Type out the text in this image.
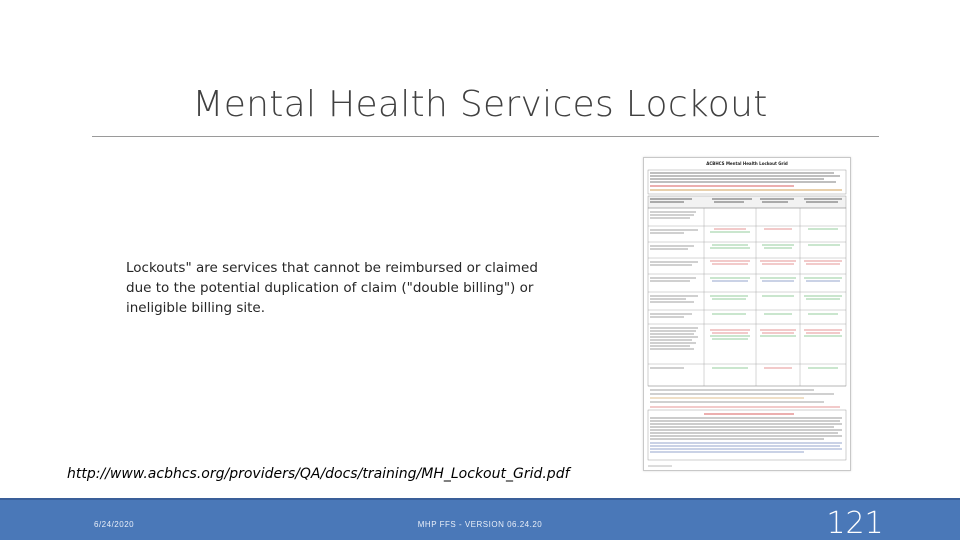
Mental Health Services Lockout
Lockouts" are services that cannot be reimbursed or claimed due to the potential duplication of claim ("double billing") or ineligible billing site.
http://www.acbhcs.org/providers/QA/docs/training/MH_Lockout_Grid.pdf
ACBHCS Mental Health Lockout Grid
6/24/2020	MHP FFS - VERSION 06.24.20	121
